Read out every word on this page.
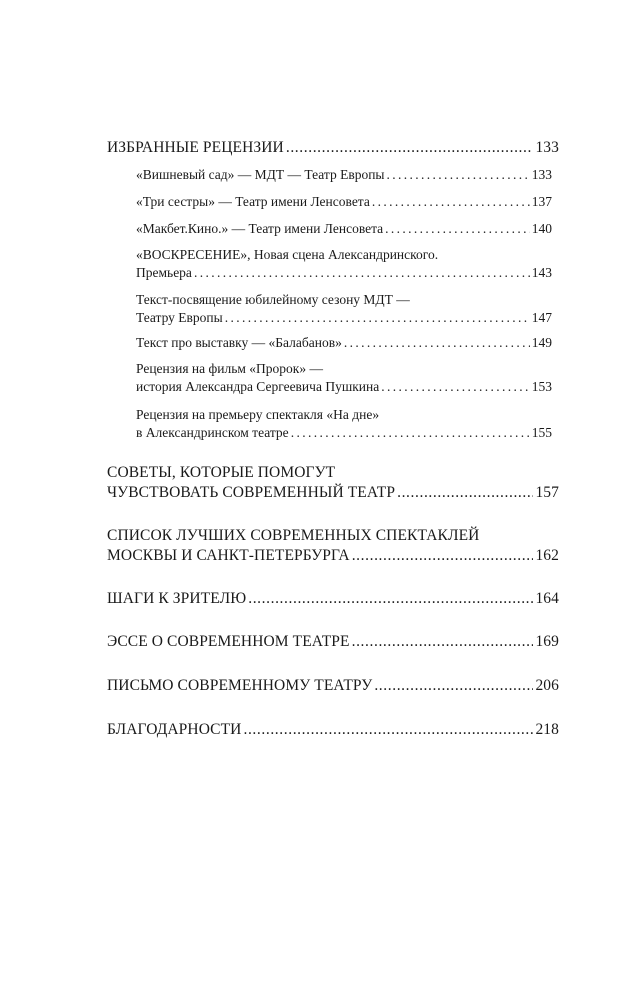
ИЗБРАННЫЕ РЕЦЕНЗИИ .....	133
«Вишневый сад» — МДТ — Театр Европы . . .	133
«Три сестры» — Театр имени Ленсовета . . .	137
«Макбет.Кино.» — Театр имени Ленсовета . . .	140
«ВОСКРЕСЕНИЕ», Новая сцена Александринского.
Премьера . . .	143
Текст-посвящение юбилейному сезону МДТ —
Театру Европы . . .	147
Текст про выставку — «Балабанов» . . .	149
Рецензия на фильм «Пророк» —
история Александра Сергеевича Пушкина . . .	153
Рецензия на премьеру спектакля «На дне»
в Александринском театре . . .	155
СОВЕТЫ, КОТОРЫЕ ПОМОГУТ
ЧУВСТВОВАТЬ СОВРЕМЕННЫЙ ТЕАТР .....	157
СПИСОК ЛУЧШИХ СОВРЕМЕННЫХ СПЕКТАКЛЕЙ
МОСКВЫ И САНКТ-ПЕТЕРБУРГА .....	162
ШАГИ К ЗРИТЕЛЮ .....	164
ЭССЕ О СОВРЕМЕННОМ ТЕАТРЕ .....	169
ПИСЬМО СОВРЕМЕННОМУ ТЕАТРУ .....	206
БЛАГОДАРНОСТИ .....	218
